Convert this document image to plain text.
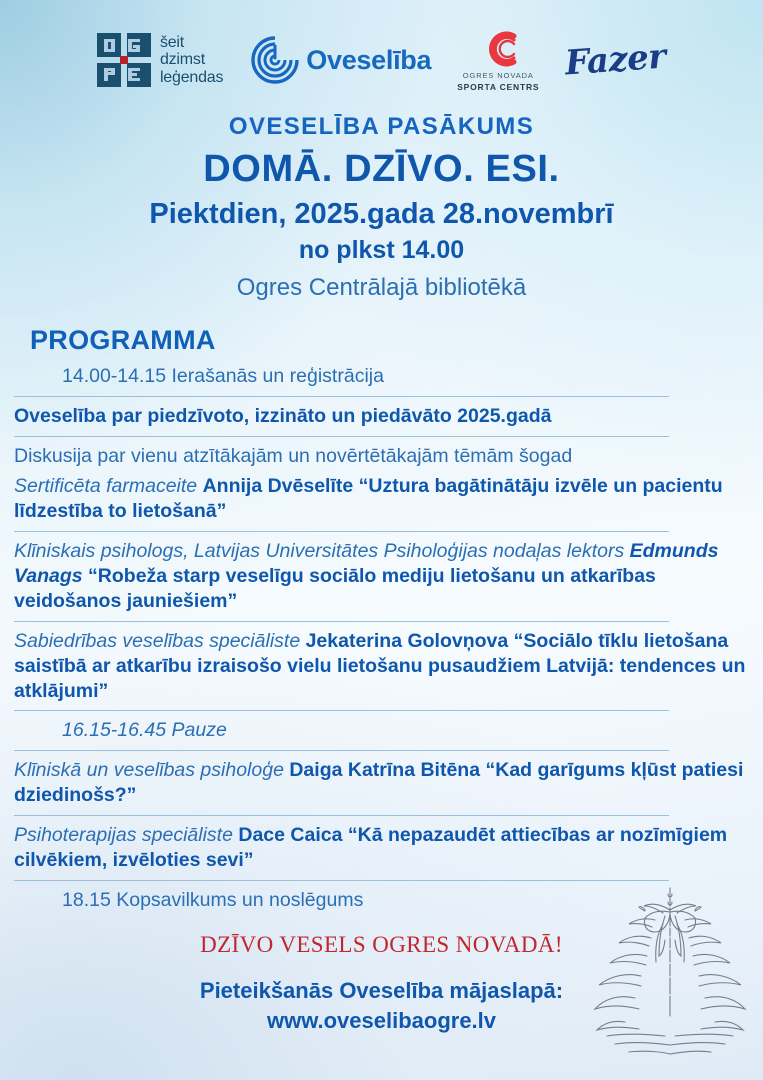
šeit
dzimst
leģendas
Oveselība
OGRES NOVADA
SPORTA CENTRS
Fazer
OVESELĪBA PASĀKUMS
DOMĀ. DZĪVO. ESI.
Piektdien, 2025.gada 28.novembrī
no plkst 14.00
Ogres Centrālajā bibliotēkā
PROGRAMMA
14.00-14.15 Ierašanās un reģistrācija
Oveselība par piedzīvoto, izzināto un piedāvāto 2025.gadā
Diskusija par vienu atzītākajām un novērtētākajām tēmām šogad
Sertificēta farmaceite Annija Dvēselīte “Uztura bagātinātāju izvēle un pacientu līdzestība to lietošanā”
Klīniskais psihologs, Latvijas Universitātes Psiholoģijas nodaļas lektors Edmunds Vanags “Robeža starp veselīgu sociālo mediju lietošanu un atkarības veidošanos jauniešiem”
Sabiedrības veselības speciāliste Jekaterina Golovņova “Sociālo tīklu lietošana saistībā ar atkarību izraisošo vielu lietošanu pusaudžiem Latvijā: tendences un atklājumi”
16.15-16.45 Pauze
Klīniskā un veselības psiholoģe Daiga Katrīna Bitēna “Kad garīgums kļūst patiesi dziedinošs?”
Psihoterapijas speciāliste Dace Caica “Kā nepazaudēt attiecības ar nozīmīgiem cilvēkiem, izvēloties sevi”
18.15 Kopsavilkums un noslēgums
DZĪVO VESELS OGRES NOVADĀ!
Pieteikšanās Oveselība mājaslapā:
www.oveselibaogre.lv
